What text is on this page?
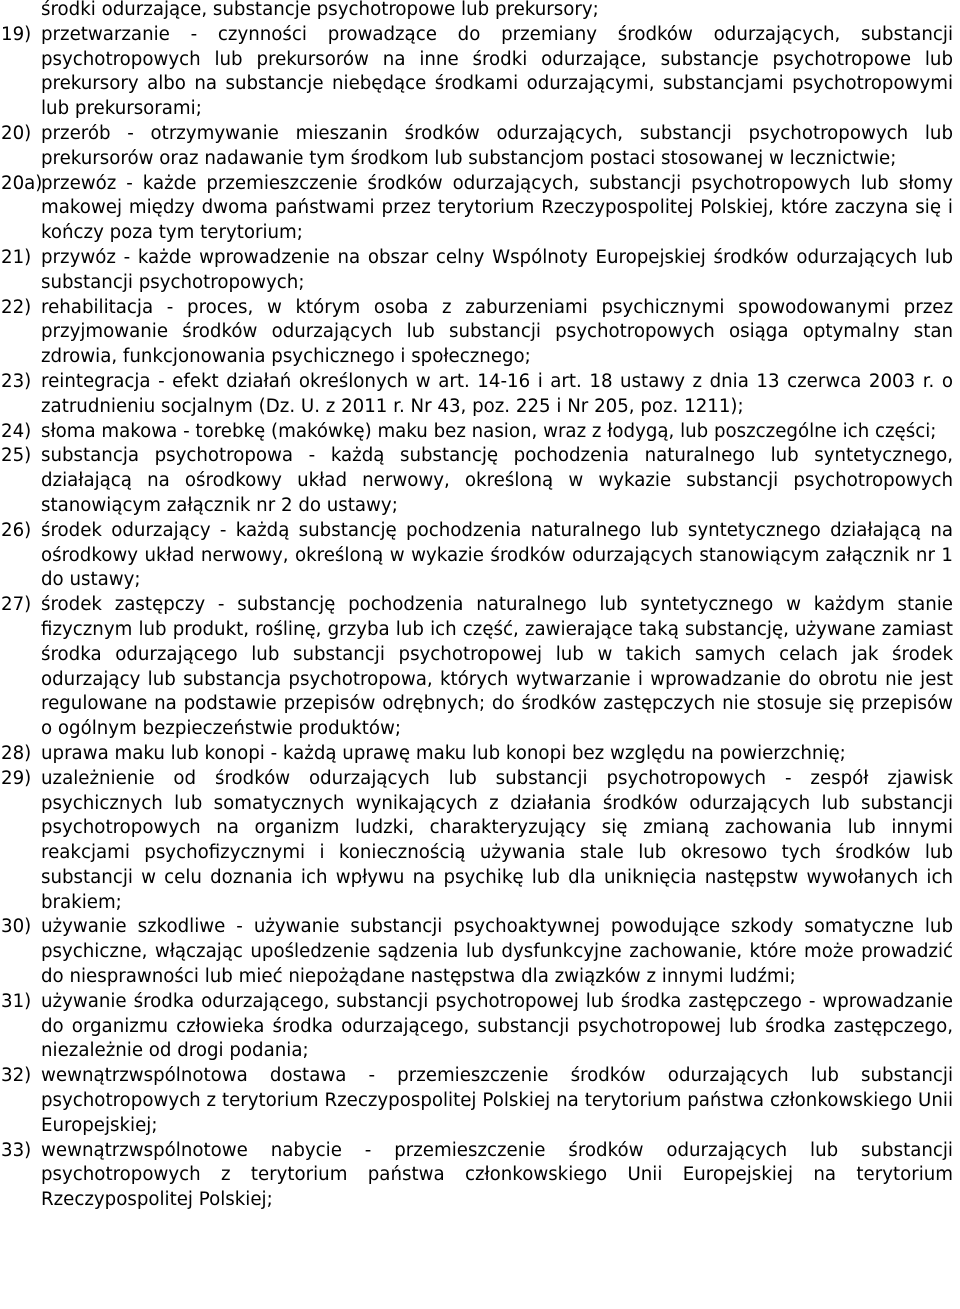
środki odurzające, substancje psychotropowe lub prekursory;

19) przetwarzanie - czynności prowadzące do przemiany środków odurzających, substancji psychotropowych lub prekursorów na inne środki odurzające, substancje psychotropowe lub prekursory albo na substancje niebędące środkami odurzającymi, substancjami psychotropowymi lub prekursorami;
20) przerób - otrzymywanie mieszanin środków odurzających, substancji psychotropowych lub prekursorów oraz nadawanie tym środkom lub substancjom postaci stosowanej w lecznictwie;
20a)
przewóz - każde przemieszczenie środków odurzających, substancji psychotropowych lub słomy makowej między dwoma państwami przez terytorium Rzeczypospolitej Polskiej, które zaczyna się i kończy poza tym terytorium;
21) przywóz - każde wprowadzenie na obszar celny Wspólnoty Europejskiej środków odurzających lub substancji psychotropowych;
22) rehabilitacja - proces, w którym osoba z zaburzeniami psychicznymi spowodowanymi przez przyjmowanie środków odurzających lub substancji psychotropowych osiąga optymalny stan zdrowia, funkcjonowania psychicznego i społecznego;
23) reintegracja - efekt działań określonych w art. 14-16 i art. 18 ustawy z dnia 13 czerwca 2003 r. o zatrudnieniu socjalnym (Dz. U. z 2011 r. Nr 43, poz. 225 i Nr 205, poz. 1211);
24) słoma makowa - torebkę (makówkę) maku bez nasion, wraz z łodygą, lub poszczególne ich części;
25) substancja psychotropowa - każdą substancję pochodzenia naturalnego lub syntetycznego, działającą na ośrodkowy układ nerwowy, określoną w wykazie substancji psychotropowych stanowiącym załącznik nr 2 do ustawy;
26) środek odurzający - każdą substancję pochodzenia naturalnego lub syntetycznego działającą na ośrodkowy układ nerwowy, określoną w wykazie środków odurzających stanowiącym załącznik nr 1 do ustawy;
27) środek zastępczy - substancję pochodzenia naturalnego lub syntetycznego w każdym stanie fizycznym lub produkt, roślinę, grzyba lub ich część, zawierające taką substancję, używane zamiast środka odurzającego lub substancji psychotropowej lub w takich samych celach jak środek odurzający lub substancja psychotropowa, których wytwarzanie i wprowadzanie do obrotu nie jest regulowane na podstawie przepisów odrębnych; do środków zastępczych nie stosuje się przepisów o ogólnym bezpieczeństwie produktów;
28) uprawa maku lub konopi - każdą uprawę maku lub konopi bez względu na powierzchnię;
29) uzależnienie od środków odurzających lub substancji psychotropowych - zespół zjawisk psychicznych lub somatycznych wynikających z działania środków odurzających lub substancji psychotropowych na organizm ludzki, charakteryzujący się zmianą zachowania lub innymi reakcjami psychofizycznymi i koniecznością używania stale lub okresowo tych środków lub substancji w celu doznania ich wpływu na psychikę lub dla uniknięcia następstw wywołanych ich brakiem;
30) używanie szkodliwe - używanie substancji psychoaktywnej powodujące szkody somatyczne lub psychiczne, włączając upośledzenie sądzenia lub dysfunkcyjne zachowanie, które może prowadzić do niesprawności lub mieć niepożądane następstwa dla związków z innymi ludźmi;
31) używanie środka odurzającego, substancji psychotropowej lub środka zastępczego - wprowadzanie do organizmu człowieka środka odurzającego, substancji psychotropowej lub środka zastępczego, niezależnie od drogi podania;
32) wewnątrzwspólnotowa dostawa - przemieszczenie środków odurzających lub substancji psychotropowych z terytorium Rzeczypospolitej Polskiej na terytorium państwa członkowskiego Unii Europejskiej;
33) wewnątrzwspólnotowe nabycie - przemieszczenie środków odurzających lub substancji psychotropowych z terytorium państwa członkowskiego Unii Europejskiej na terytorium Rzeczypospolitej Polskiej;
